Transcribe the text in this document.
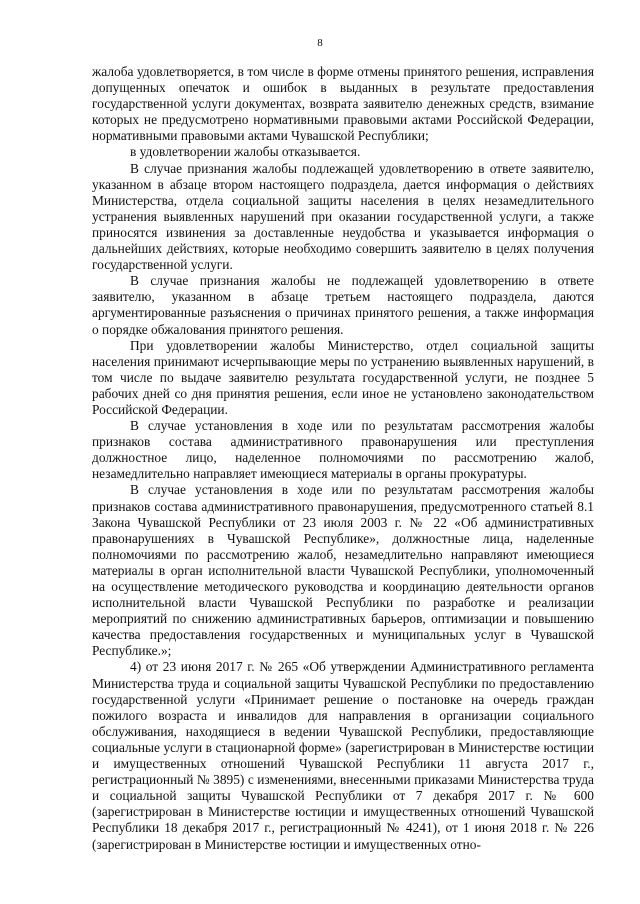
8

жалоба удовлетворяется, в том числе в форме отмены принятого решения, исправления допущенных опечаток и ошибок в выданных в результате предоставления государственной услуги документах, возврата заявителю денежных средств, взимание которых не предусмотрено нормативными правовыми актами Российской Федерации, нормативными правовыми актами Чувашской Республики;

в удовлетворении жалобы отказывается.

В случае признания жалобы подлежащей удовлетворению в ответе заявителю, указанном в абзаце втором настоящего подраздела, дается информация о действиях Министерства, отдела социальной защиты населения в целях незамедлительного устранения выявленных нарушений при оказании государственной услуги, а также приносятся извинения за доставленные неудобства и указывается информация о дальнейших действиях, которые необходимо совершить заявителю в целях получения государственной услуги.

В случае признания жалобы не подлежащей удовлетворению в ответе заявителю, указанном в абзаце третьем настоящего подраздела, даются аргументированные разъяснения о причинах принятого решения, а также информация о порядке обжалования принятого решения.

При удовлетворении жалобы Министерство, отдел социальной защиты населения принимают исчерпывающие меры по устранению выявленных нарушений, в том числе по выдаче заявителю результата государственной услуги, не позднее 5 рабочих дней со дня принятия решения, если иное не установлено законодательством Российской Федерации.

В случае установления в ходе или по результатам рассмотрения жалобы признаков состава административного правонарушения или преступления должностное лицо, наделенное полномочиями по рассмотрению жалоб, незамедлительно направляет имеющиеся материалы в органы прокуратуры.

В случае установления в ходе или по результатам рассмотрения жалобы признаков состава административного правонарушения, предусмотренного статьей 8.1 Закона Чувашской Республики от 23 июля 2003 г. № 22 «Об административных правонарушениях в Чувашской Республике», должностные лица, наделенные полномочиями по рассмотрению жалоб, незамедлительно направляют имеющиеся материалы в орган исполнительной власти Чувашской Республики, уполномоченный на осуществление методического руководства и координацию деятельности органов исполнительной власти Чувашской Республики по разработке и реализации мероприятий по снижению административных барьеров, оптимизации и повышению качества предоставления государственных и муниципальных услуг в Чувашской Республике.»;

4) от 23 июня 2017 г. № 265 «Об утверждении Административного регламента Министерства труда и социальной защиты Чувашской Республики по предоставлению государственной услуги «Принимает решение о постановке на очередь граждан пожилого возраста и инвалидов для направления в организации социального обслуживания, находящиеся в ведении Чувашской Республики, предоставляющие социальные услуги в стационарной форме» (зарегистрирован в Министерстве юстиции и имущественных отношений Чувашской Республики 11 августа 2017 г., регистрационный № 3895) с изменениями, внесенными приказами Министерства труда и социальной защиты Чувашской Республики от 7 декабря 2017 г. № 600 (зарегистрирован в Министерстве юстиции и имущественных отношений Чувашской Республики 18 декабря 2017 г., регистрационный № 4241), от 1 июня 2018 г. № 226 (зарегистрирован в Министерстве юстиции и имущественных отно-
